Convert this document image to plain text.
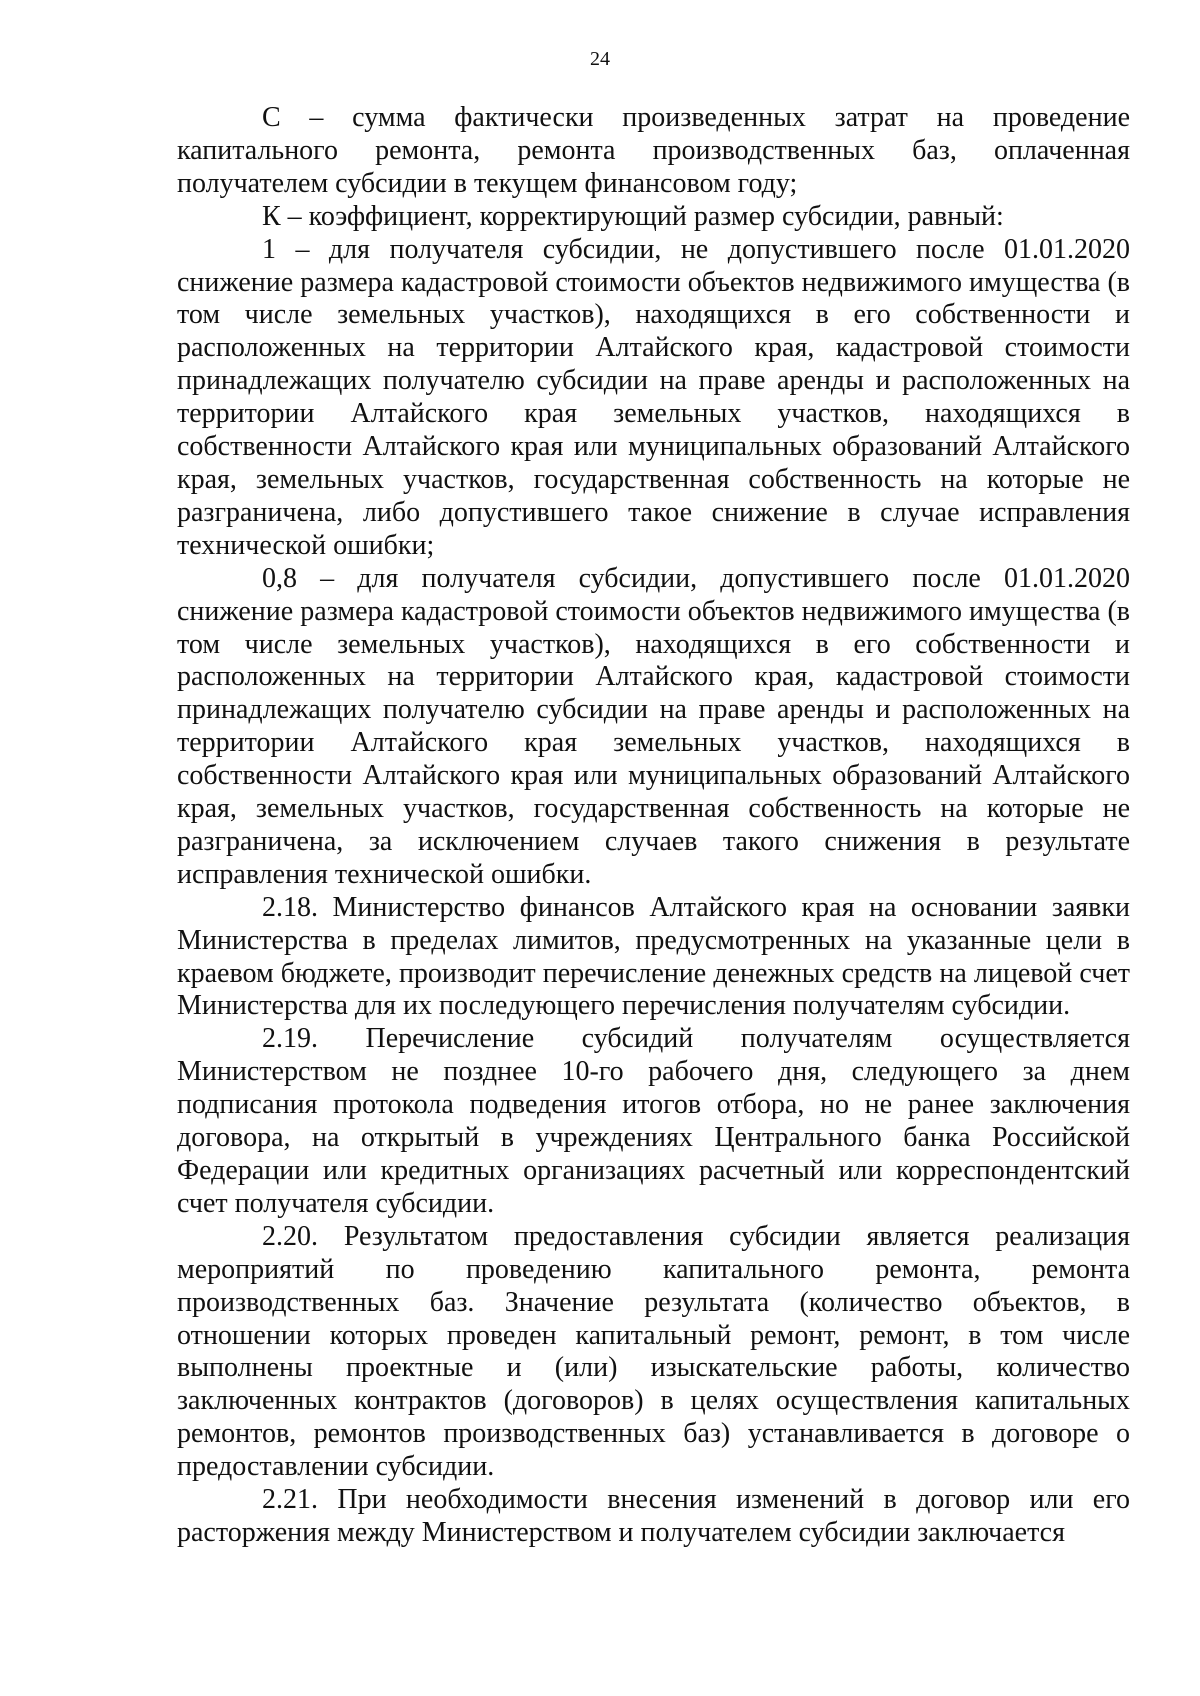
24

С – сумма фактически произведенных затрат на проведение капитального ремонта, ремонта производственных баз, оплаченная получателем субсидии в текущем финансовом году;

К – коэффициент, корректирующий размер субсидии, равный:

1 – для получателя субсидии, не допустившего после 01.01.2020 снижение размера кадастровой стоимости объектов недвижимого имущества (в том числе земельных участков), находящихся в его собственности и расположенных на территории Алтайского края, кадастровой стоимости принадлежащих получателю субсидии на праве аренды и расположенных на территории Алтайского края земельных участков, находящихся в собственности Алтайского края или муниципальных образований Алтайского края, земельных участков, государственная собственность на которые не разграничена, либо допустившего такое снижение в случае исправления технической ошибки;

0,8 – для получателя субсидии, допустившего после 01.01.2020 снижение размера кадастровой стоимости объектов недвижимого имущества (в том числе земельных участков), находящихся в его собственности и расположенных на территории Алтайского края, кадастровой стоимости принадлежащих получателю субсидии на праве аренды и расположенных на территории Алтайского края земельных участков, находящихся в собственности Алтайского края или муниципальных образований Алтайского края, земельных участков, государственная собственность на которые не разграничена, за исключением случаев такого снижения в результате исправления технической ошибки.

2.18. Министерство финансов Алтайского края на основании заявки Министерства в пределах лимитов, предусмотренных на указанные цели в краевом бюджете, производит перечисление денежных средств на лицевой счет Министерства для их последующего перечисления получателям субсидии.

2.19. Перечисление субсидий получателям осуществляется Министерством не позднее 10-го рабочего дня, следующего за днем подписания протокола подведения итогов отбора, но не ранее заключения договора, на открытый в учреждениях Центрального банка Российской Федерации или кредитных организациях расчетный или корреспондентский счет получателя субсидии.

2.20. Результатом предоставления субсидии является реализация мероприятий по проведению капитального ремонта, ремонта производственных баз. Значение результата (количество объектов, в отношении которых проведен капитальный ремонт, ремонт, в том числе выполнены проектные и (или) изыскательские работы, количество заключенных контрактов (договоров) в целях осуществления капитальных ремонтов, ремонтов производственных баз) устанавливается в договоре о предоставлении субсидии.

2.21. При необходимости внесения изменений в договор или его расторжения между Министерством и получателем субсидии заключается
